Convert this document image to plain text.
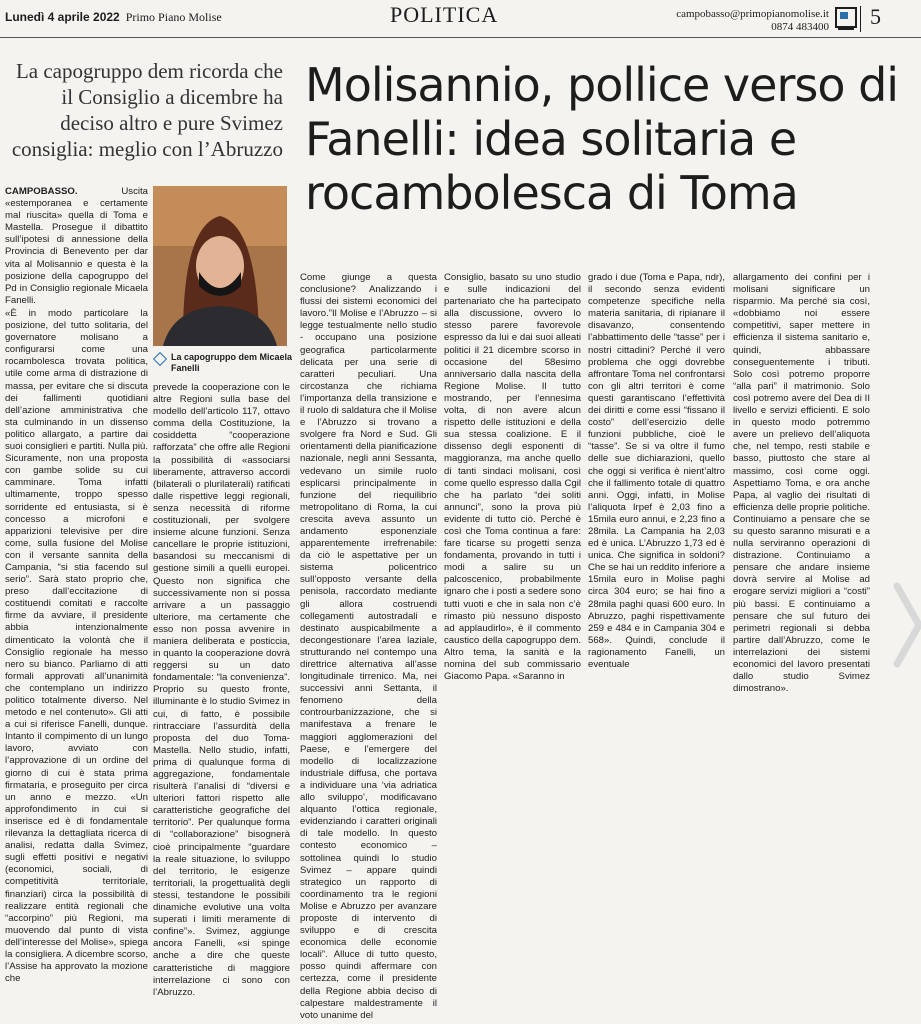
Lunedì 4 aprile 2022 Primo Piano Molise	POLITICA	campobasso@primopianomolise.it
0874 483400 5
La capogruppo dem ricorda che il Consiglio a dicembre ha deciso altro e pure Svimez consiglia: meglio con l’Abruzzo
Molisannio, pollice verso di Fanelli: idea solitaria e rocambolesca di Toma

CAMPOBASSO.	Uscita «estemporanea e certamente mal riuscita» quella di Toma e Mastella. Prosegue il dibattito sull’ipotesi di annessione della Provincia di Benevento per dar vita al Molisannio e questa è la posizione della capogruppo del Pd in Consiglio regionale Micaela Fanelli.

La capogruppo dem Micaela Fanelli

«È in modo particolare la posizione, del tutto solitaria, del governatore molisano a configurarsi come una rocambolesca trovata politica, utile come arma di distrazione di massa, per evitare che si discuta dei fallimenti quotidiani dell’azione amministrativa che sta culminando in un dissenso politico allargato, a partire dai suoi consiglieri e partiti. Nulla più. Sicuramente, non una proposta con gambe solide su cui camminare. Toma infatti ultimamente, troppo spesso sorridente ed entusiasta, si è concesso a microfoni e apparizioni televisive per dire come, sulla fusione del Molise con il versante sannita della Campania, “si stia facendo sul serio”. Sarà stato proprio che, preso dall’eccitazione di costituendi comitati e raccolte firme da avviare, il presidente abbia intenzionalmente dimenticato la volontà che il Consiglio regionale ha messo nero su bianco. Parliamo di atti formali approvati all’unanimità che contemplano un indirizzo politico totalmente diverso. Nel metodo e nel contenuto». Gli atti a cui si riferisce Fanelli, dunque. Intanto il compimento di un lungo lavoro, avviato con l’approvazione di un ordine del giorno di cui è stata prima firmataria, e proseguito per circa un anno e mezzo. «Un approfondimento in cui si inserisce ed è di fondamentale rilevanza la dettagliata ricerca di analisi, redatta dalla Svimez, sugli effetti positivi e negativi (economici, sociali, di competitività territoriale, finanziari) circa la possibilità di realizzare entità regionali che “accorpino” più Regioni, ma muovendo dal punto di vista dell’interesse del Molise», spiega la consigliera. A dicembre scorso, l’Assise ha approvato la mozione che

prevede la cooperazione con le altre Regioni sulla base del modello dell’articolo 117, ottavo comma della Costituzione, la cosiddetta “cooperazione rafforzata” che offre alle Regioni la possibilità di «associarsi liberamente, attraverso accordi (bilaterali o plurilaterali) ratificati dalle rispettive leggi regionali, senza necessità di riforme costituzionali, per svolgere insieme alcune funzioni. Senza cancellare le proprie istituzioni, basandosi su meccanismi di gestione simili a quelli europei. Questo non significa che successivamente non si possa arrivare a un passaggio ulteriore, ma certamente che esso non possa avvenire in maniera deliberata e posticcia, in quanto la cooperazione dovrà reggersi su un dato fondamentale: “la convenienza”. Proprio su questo fronte, illuminante è lo studio Svimez in cui, di fatto, è possibile rintracciare l’assurdità della proposta del duo Toma-Mastella. Nello studio, infatti, prima di qualunque forma di aggregazione, fondamentale risulterà l’analisi di “diversi e ulteriori fattori rispetto alle caratteristiche geografiche del territorio”. Per qualunque forma di “collaborazione” bisognerà cioè principalmente “guardare la reale situazione, lo sviluppo del territorio, le esigenze territoriali, la progettualità degli stessi, testandone le possibili dinamiche evolutive una volta superati i limiti meramente di confine”». Svimez, aggiunge ancora Fanelli, «si spinge anche a dire che queste caratteristiche di maggiore interrelazione ci sono con l’Abruzzo.

Come giunge a questa conclusione? Analizzando i flussi dei sistemi economici del lavoro.”Il Molise e l’Abruzzo – si legge testualmente nello studio - occupano una posizione geografica particolarmente delicata per una serie di caratteri peculiari. Una circostanza che richiama l’importanza della transizione e il ruolo di saldatura che il Molise e l’Abruzzo si trovano a svolgere fra Nord e Sud. Gli orientamenti della pianificazione nazionale, negli anni Sessanta, vedevano un simile ruolo esplicarsi principalmente in funzione del riequilibrio metropolitano di Roma, la cui crescita aveva assunto un andamento esponenziale apparentemente irrefrenabile: da ciò le aspettative per un sistema policentrico sull’opposto versante della penisola, raccordato mediante gli allora costruendi collegamenti autostradali e destinato auspicabilmente a decongestionare l’area laziale, strutturando nel contempo una direttrice alternativa all’asse longitudinale tirrenico. Ma, nei successivi anni Settanta, il fenomeno della controurbanizzazione, che si manifestava a frenare le maggiori agglomerazioni del Paese, e l’emergere del modello di localizzazione industriale diffusa, che portava a individuare una ‘via adriatica allo sviluppo’, modificavano alquanto l’ottica regionale, evidenziando i caratteri originali di tale modello. In questo contesto economico – sottolinea quindi lo studio Svimez – appare quindi strategico un rapporto di coordinamento tra le regioni Molise e Abruzzo per avanzare proposte di intervento di sviluppo e di crescita economica delle economie locali”. Alluce di tutto questo, posso quindi affermare con certezza, come il presidente della Regione abbia deciso di calpestare maldestramente il voto unanime del

Consiglio, basato su uno studio e sulle indicazioni del partenariato che ha partecipato alla discussione, ovvero lo stesso parere favorevole espresso da lui e dai suoi alleati politici il 21 dicembre scorso in occasione del 58esimo anniversario dalla nascita della Regione Molise. Il tutto mostrando, per l’ennesima volta, di non avere alcun rispetto delle istituzioni e della sua stessa coalizione. E il dissenso degli esponenti di maggioranza, ma anche quello di tanti sindaci molisani, così come quello espresso dalla Cgil che ha parlato “dei soliti annunci”, sono la prova più evidente di tutto ciò. Perché è così che Toma continua a fare: fare ticarse su progetti senza fondamenta, provando in tutti i modi a salire su un palcoscenico, probabilmente ignaro che i posti a sedere sono tutti vuoti e che in sala non c’è rimasto più nessuno disposto ad applaudirlo», è il commento caustico della capogruppo dem. Altro tema, la sanità e la nomina del sub commissario Giacomo Papa. «Saranno in

grado i due (Toma e Papa, ndr), il secondo senza evidenti competenze specifiche nella materia sanitaria, di ripianare il disavanzo, consentendo l’abbattimento delle “tasse” per i nostri cittadini? Perché il vero problema che oggi dovrebbe affrontare Toma nel confrontarsi con gli altri territori è come questi garantiscano l’effettività dei diritti e come essi “fissano il costo” dell’esercizio delle funzioni pubbliche, cioè le “tasse”. Se si va oltre il fumo delle sue dichiarazioni, quello che oggi si verifica è nient’altro che il fallimento totale di quattro anni. Oggi, infatti, in Molise l’aliquota Irpef è 2,03 fino a 15mila euro annui, e 2,23 fino a 28mila. La Campania ha 2,03 ed è unica. L’Abruzzo 1,73 ed è unica. Che significa in soldoni? Che se hai un reddito inferiore a 15mila euro in Molise paghi circa 304 euro; se hai fino a 28mila paghi quasi 600 euro. In Abruzzo, paghi rispettivamente 259 e 484 e in Campania 304 e 568». Quindi, conclude il ragionamento Fanelli, un eventuale

allargamento dei confini per i molisani significare un risparmio. Ma perché sia così, «dobbiamo noi essere competitivi, saper mettere in efficienza il sistema sanitario e, quindi, abbassare conseguentemente i tributi. Solo così potremo proporre “alla pari” il matrimonio. Solo così potremo avere del Dea di II livello e servizi efficienti. E solo in questo modo potremmo avere un prelievo dell’aliquota che, nel tempo, resti stabile e basso, piuttosto che stare al massimo, così come oggi. Aspettiamo Toma, e ora anche Papa, al vaglio dei risultati di efficienza delle proprie politiche. Continuiamo a pensare che se su questo saranno misurati e a nulla serviranno operazioni di distrazione. Continuiamo a pensare che andare insieme dovrà servire al Molise ad erogare servizi migliori a “costi” più bassi. E continuiamo a pensare che sul futuro dei perimetri regionali si debba partire dall’Abruzzo, come le interrelazioni dei sistemi economici del lavoro presentati dallo studio Svimez dimostrano».
